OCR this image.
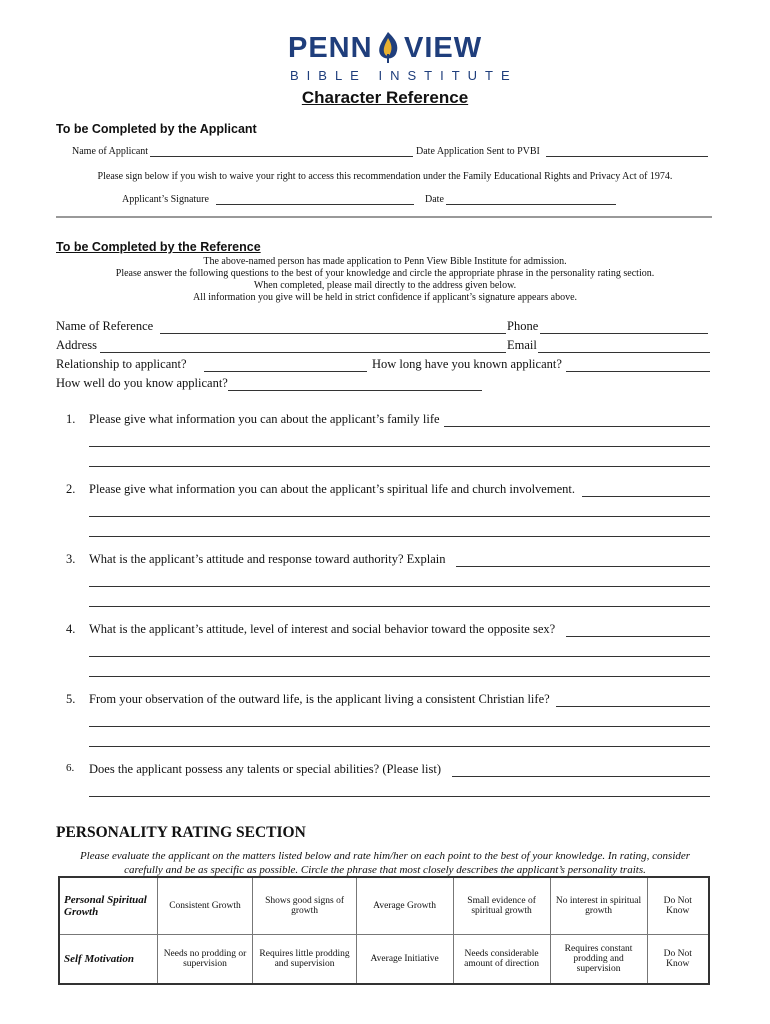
PENN VIEW
BIBLE INSTITUTE
Character Reference
To be Completed by the Applicant
Name of Applicant	Date Application Sent to PVBI
Please sign below if you wish to waive your right to access this recommendation under the Family Educational Rights and Privacy Act of 1974.
Applicant’s Signature	Date
To be Completed by the Reference
The above-named person has made application to Penn View Bible Institute for admission.
Please answer the following questions to the best of your knowledge and circle the appropriate phrase in the personality rating section.
When completed, please mail directly to the address given below.
All information you give will be held in strict confidence if applicant’s signature appears above.
Name of Reference	Phone
Address	Email
Relationship to applicant?	How long have you known applicant?
How well do you know applicant?
1. Please give what information you can about the applicant’s family life
2. Please give what information you can about the applicant’s spiritual life and church involvement.
3. What is the applicant’s attitude and response toward authority? Explain
4. What is the applicant’s attitude, level of interest and social behavior toward the opposite sex?
5. From your observation of the outward life, is the applicant living a consistent Christian life?
6. Does the applicant possess any talents or special abilities? (Please list)
PERSONALITY RATING SECTION
Please evaluate the applicant on the matters listed below and rate him/her on each point to the best of your knowledge. In rating, consider
carefully and be as specific as possible. Circle the phrase that most closely describes the applicant’s personality traits.
Personal Spiritual Growth	Consistent Growth	Shows good signs of growth	Average Growth	Small evidence of spiritual growth	No interest in spiritual growth	Do Not Know
Self Motivation	Needs no prodding or supervision	Requires little prodding and supervision	Average Initiative	Needs considerable amount of direction	Requires constant prodding and supervision	Do Not Know
